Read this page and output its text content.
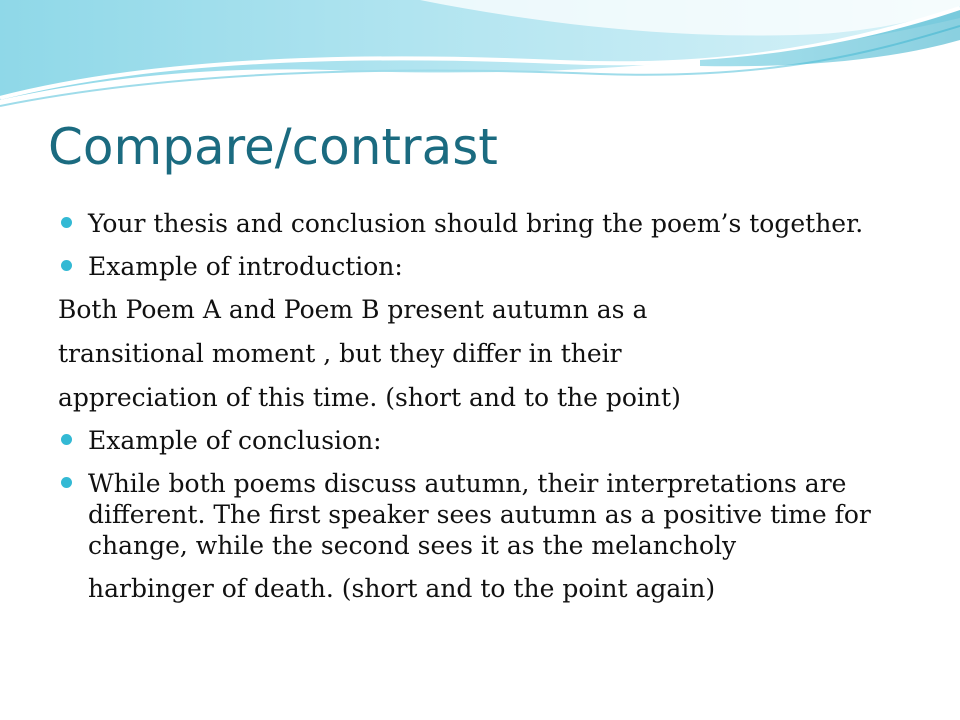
Compare/contrast
Your thesis and conclusion should bring the poem’s together.
Example of introduction:
Both Poem A and Poem B present autumn as a
transitional moment , but they differ in their
appreciation of this time. (short and to the point)
Example of conclusion:
While both poems discuss autumn, their interpretations are different. The first speaker sees autumn as a positive time for change, while the second sees it as the melancholy
harbinger of death. (short and to the point again)
